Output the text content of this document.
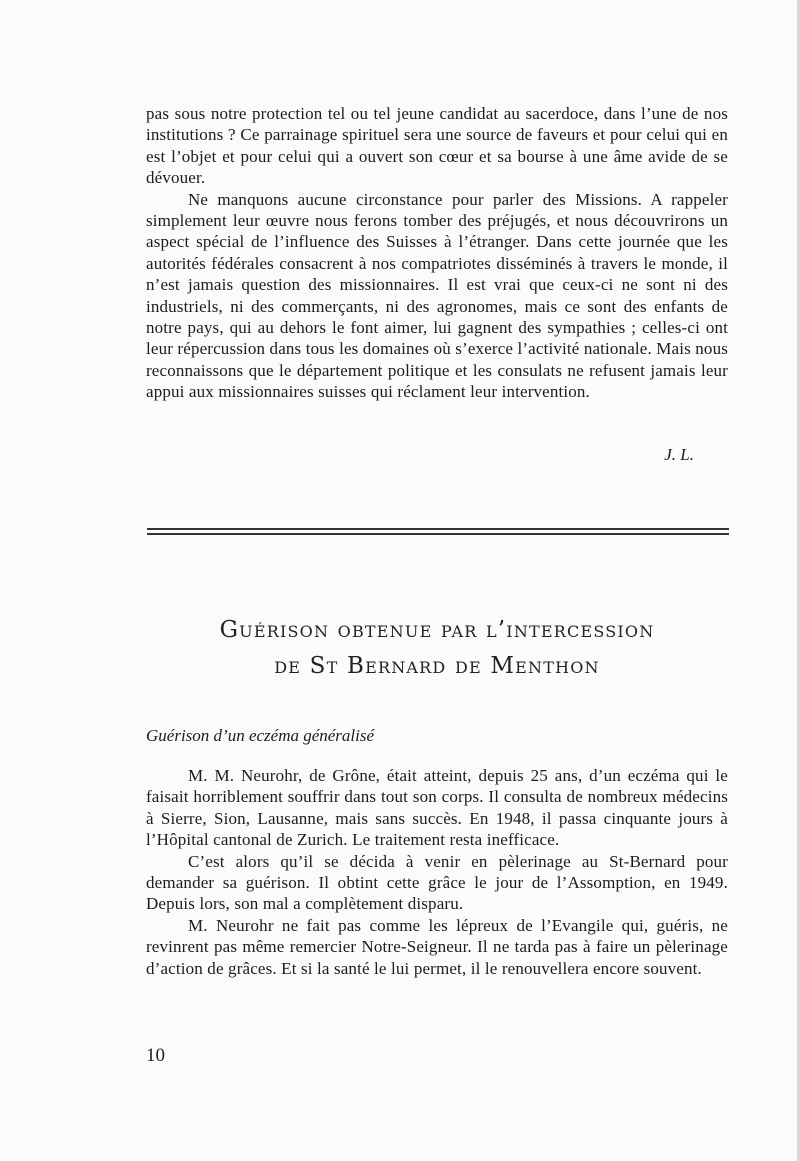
pas sous notre protection tel ou tel jeune candidat au sacerdoce, dans l’une de nos institutions ? Ce parrainage spirituel sera une source de faveurs et pour celui qui en est l’objet et pour celui qui a ouvert son cœur et sa bourse à une âme avide de se dévouer.

Ne manquons aucune circonstance pour parler des Missions. A rappeler simplement leur œuvre nous ferons tomber des préjugés, et nous découvrirons un aspect spécial de l’influence des Suisses à l’étranger. Dans cette journée que les autorités fédérales consacrent à nos compatriotes disséminés à travers le monde, il n’est jamais question des missionnaires. Il est vrai que ceux-ci ne sont ni des industriels, ni des commerçants, ni des agronomes, mais ce sont des enfants de notre pays, qui au dehors le font aimer, lui gagnent des sympathies ; celles-ci ont leur répercussion dans tous les domaines où s’exerce l’activité nationale. Mais nous reconnaissons que le département politique et les consulats ne refusent jamais leur appui aux missionnaires suisses qui réclament leur intervention.

J. L.
Guérison obtenue par l’intercession
de St Bernard de Menthon
Guérison d’un eczéma généralisé

M. M. Neurohr, de Grône, était atteint, depuis 25 ans, d’un eczéma qui le faisait horriblement souffrir dans tout son corps. Il consulta de nombreux médecins à Sierre, Sion, Lausanne, mais sans succès. En 1948, il passa cinquante jours à l’Hôpital cantonal de Zurich. Le traitement resta inefficace.

C’est alors qu’il se décida à venir en pèlerinage au St-Bernard pour demander sa guérison. Il obtint cette grâce le jour de l’Assomption, en 1949. Depuis lors, son mal a complètement disparu.

M. Neurohr ne fait pas comme les lépreux de l’Evangile qui, guéris, ne revinrent pas même remercier Notre-Seigneur. Il ne tarda pas à faire un pèlerinage d’action de grâces. Et si la santé le lui permet, il le renouvellera encore souvent.

10
